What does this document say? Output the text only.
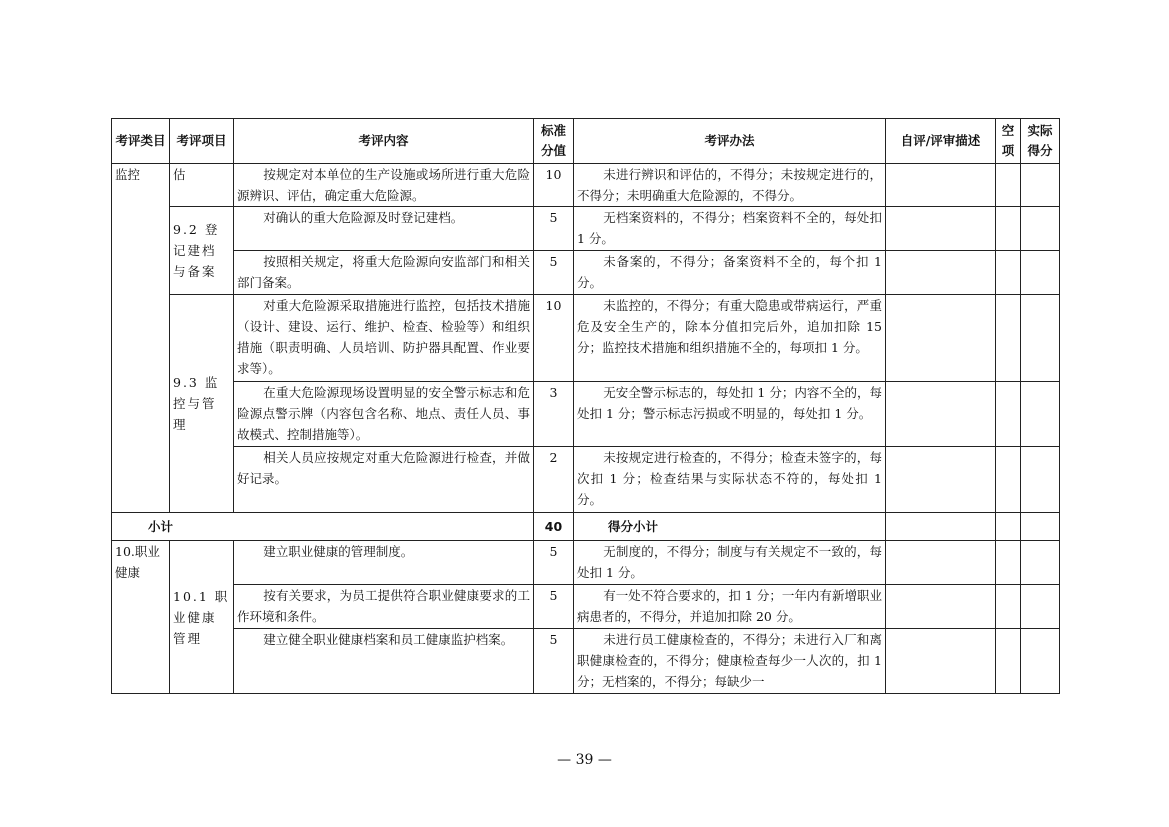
考评类目	考评项目	考评内容	标准分值	考评办法	自评/评审描述	空项	实际得分
监控	估	按规定对本单位的生产设施或场所进行重大危险源辨识、评估，确定重大危险源。	10	未进行辨识和评估的，不得分；未按规定进行的，不得分；未明确重大危险源的，不得分。			
	9.2 登记建档与备案	对确认的重大危险源及时登记建档。	5	无档案资料的，不得分；档案资料不全的，每处扣 1 分。			
		按照相关规定，将重大危险源向安监部门和相关部门备案。	5	未备案的，不得分；备案资料不全的，每个扣 1 分。			
	9.3 监控与管理	对重大危险源采取措施进行监控，包括技术措施（设计、建设、运行、维护、检查、检验等）和组织措施（职责明确、人员培训、防护器具配置、作业要求等）。	10	未监控的，不得分；有重大隐患或带病运行，严重危及安全生产的，除本分值扣完后外，追加扣除 15 分；监控技术措施和组织措施不全的，每项扣 1 分。			
		在重大危险源现场设置明显的安全警示标志和危险源点警示牌（内容包含名称、地点、责任人员、事故模式、控制措施等）。	3	无安全警示标志的，每处扣 1 分；内容不全的，每处扣 1 分；警示标志污损或不明显的，每处扣 1 分。			
		相关人员应按规定对重大危险源进行检查，并做好记录。	2	未按规定进行检查的，不得分；检查未签字的，每次扣 1 分；检查结果与实际状态不符的，每处扣 1 分。			
小计			40	得分小计			
10.职业健康	10.1 职业健康管理	建立职业健康的管理制度。	5	无制度的，不得分；制度与有关规定不一致的，每处扣 1 分。			
		按有关要求，为员工提供符合职业健康要求的工作环境和条件。	5	有一处不符合要求的，扣 1 分；一年内有新增职业病患者的，不得分，并追加扣除 20 分。			
		建立健全职业健康档案和员工健康监护档案。	5	未进行员工健康检查的，不得分；未进行入厂和离职健康检查的，不得分；健康检查每少一人次的，扣 1 分；无档案的，不得分；每缺少一			
— 39 —
